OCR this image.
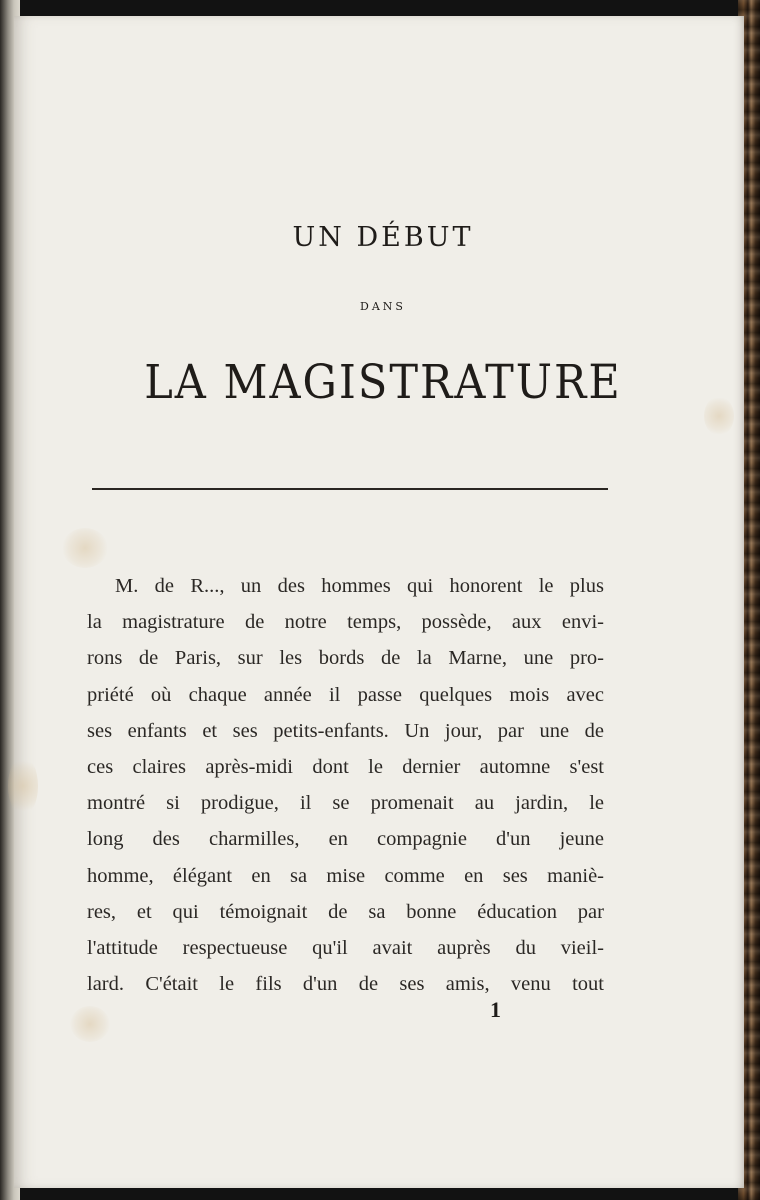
UN DÉBUT
DANS
LA MAGISTRATURE
M. de R..., un des hommes qui honorent le plus
la magistrature de notre temps, possède, aux envi-
rons de Paris, sur les bords de la Marne, une pro-
priété où chaque année il passe quelques mois avec
ses enfants et ses petits-enfants. Un jour, par une de
ces claires après-midi dont le dernier automne s'est
montré si prodigue, il se promenait au jardin, le
long des charmilles, en compagnie d'un jeune
homme, élégant en sa mise comme en ses maniè-
res, et qui témoignait de sa bonne éducation par
l'attitude respectueuse qu'il avait auprès du vieil-
lard. C'était le fils d'un de ses amis, venu tout
1
